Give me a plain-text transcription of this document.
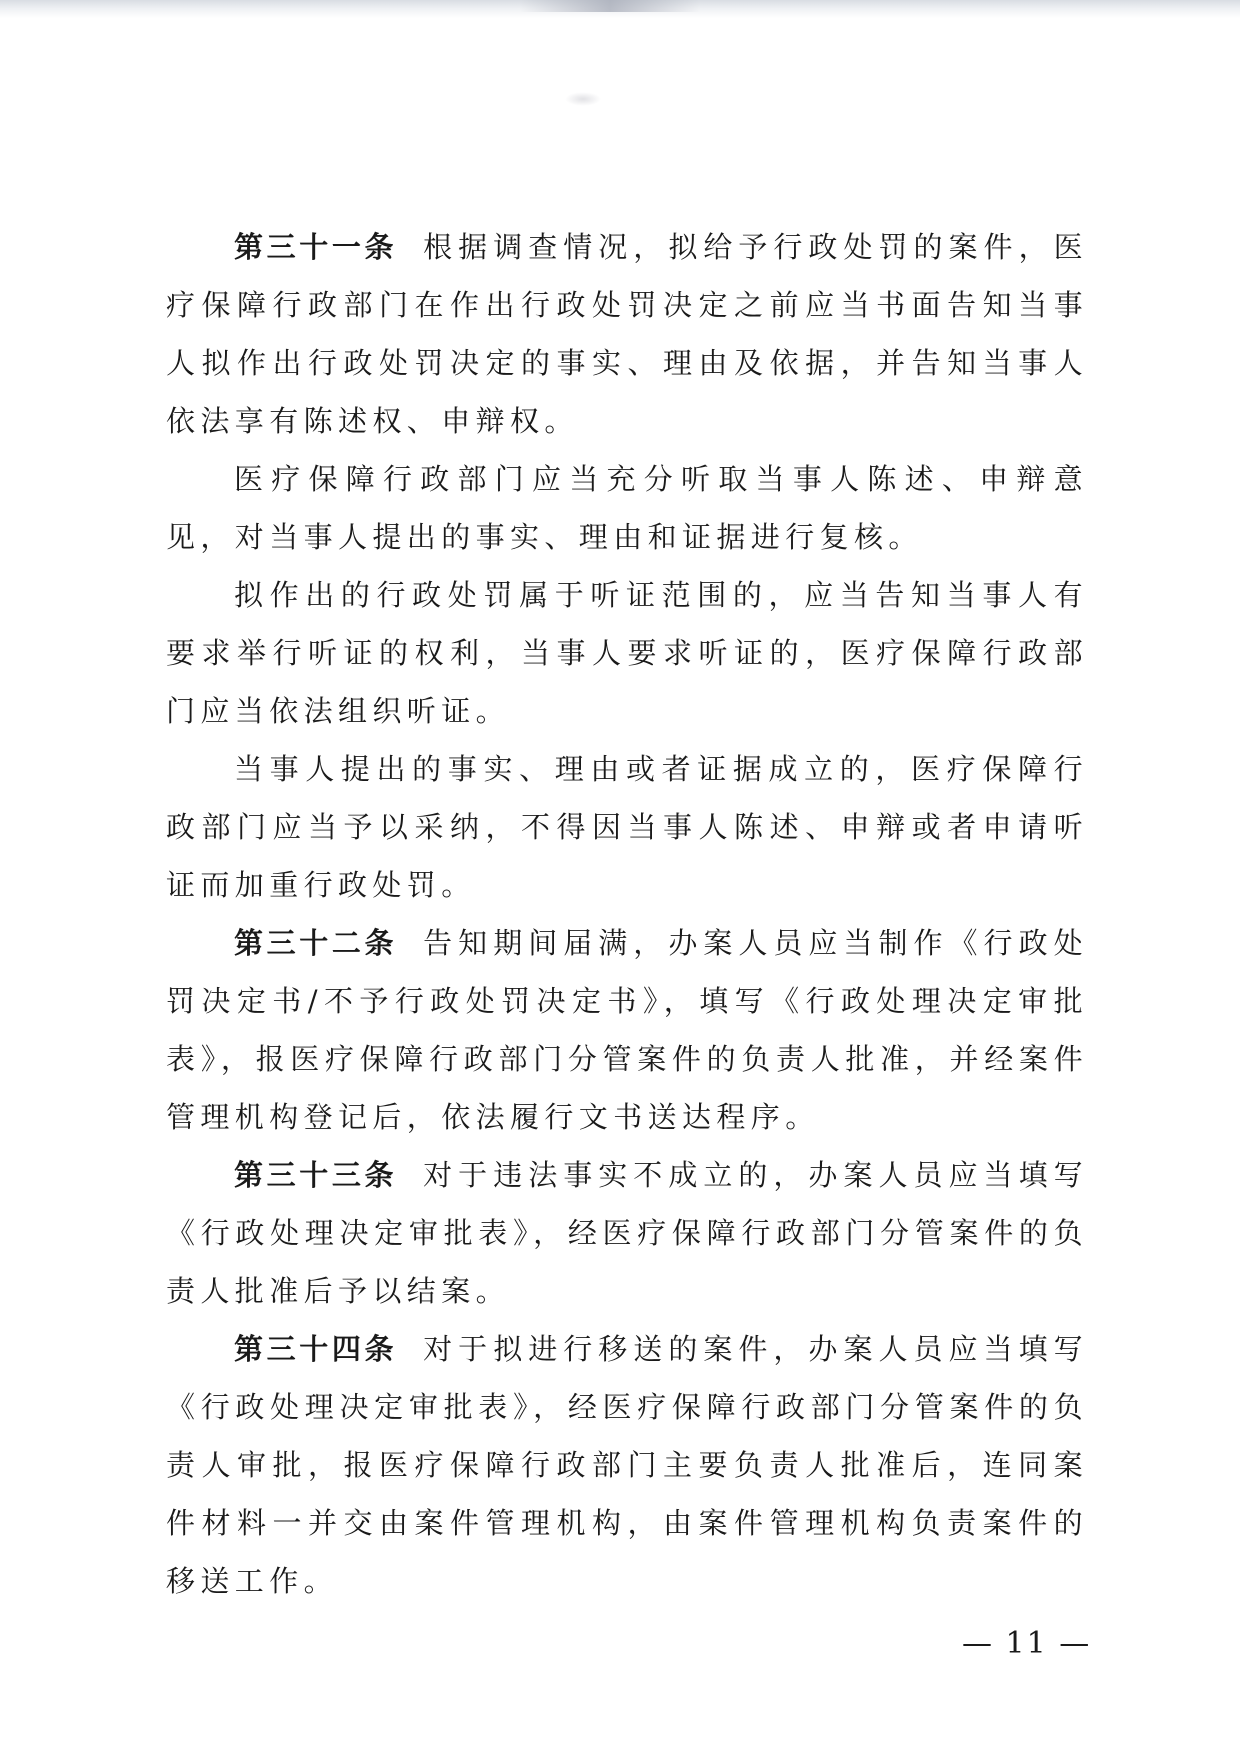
第三十一条 根据调查情况，拟给予行政处罚的案件，医疗保障行政部门在作出行政处罚决定之前应当书面告知当事人拟作出行政处罚决定的事实、理由及依据，并告知当事人依法享有陈述权、申辩权。

医疗保障行政部门应当充分听取当事人陈述、申辩意见，对当事人提出的事实、理由和证据进行复核。

拟作出的行政处罚属于听证范围的，应当告知当事人有要求举行听证的权利，当事人要求听证的，医疗保障行政部门应当依法组织听证。

当事人提出的事实、理由或者证据成立的，医疗保障行政部门应当予以采纳，不得因当事人陈述、申辩或者申请听证而加重行政处罚。

第三十二条 告知期间届满，办案人员应当制作《行政处罚决定书/不予行政处罚决定书》，填写《行政处理决定审批表》，报医疗保障行政部门分管案件的负责人批准，并经案件管理机构登记后，依法履行文书送达程序。

第三十三条 对于违法事实不成立的，办案人员应当填写《行政处理决定审批表》，经医疗保障行政部门分管案件的负责人批准后予以结案。

第三十四条 对于拟进行移送的案件，办案人员应当填写《行政处理决定审批表》，经医疗保障行政部门分管案件的负责人审批，报医疗保障行政部门主要负责人批准后，连同案件材料一并交由案件管理机构，由案件管理机构负责案件的移送工作。

— 11 —
